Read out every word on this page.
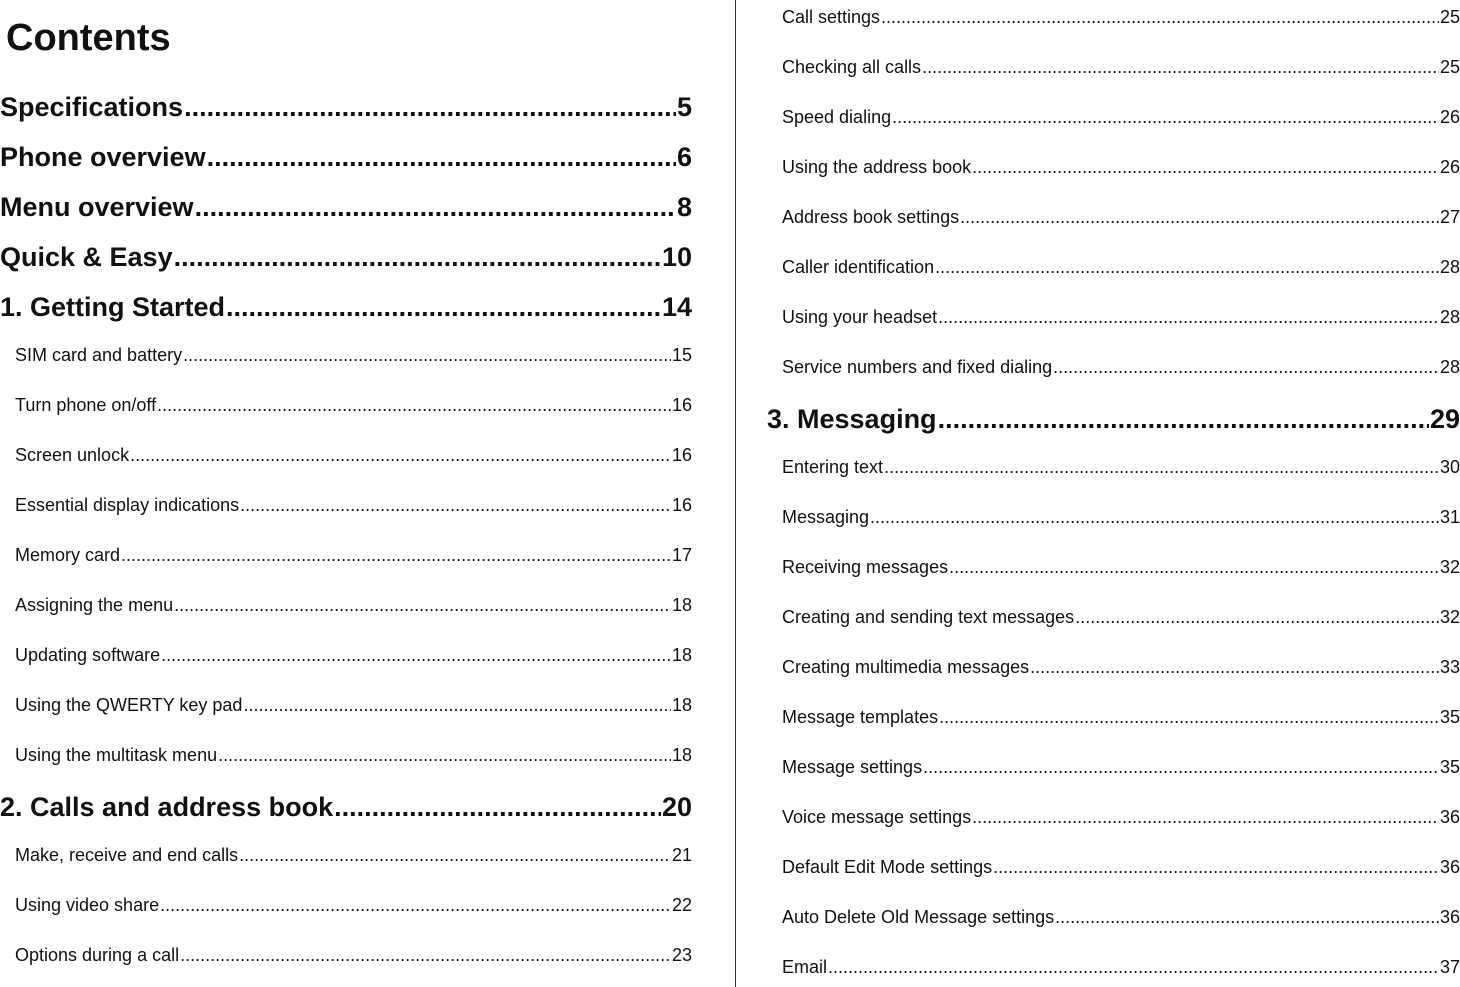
Contents
Specifications .....	5
Phone overview .....	6
Menu overview .....	8
Quick & Easy .....	10
1. Getting Started .....	14
SIM card and battery .....	15
Turn phone on/off .....	16
Screen unlock .....	16
Essential display indications .....	16
Memory card .....	17
Assigning the menu .....	18
Updating software .....	18
Using the QWERTY key pad .....	18
Using the multitask menu .....	18
2. Calls and address book .....	20
Make, receive and end calls .....	21
Using video share .....	22
Options during a call .....	23
Call settings .....	25
Checking all calls .....	25
Speed dialing .....	26
Using the address book .....	26
Address book settings .....	27
Caller identification .....	28
Using your headset .....	28
Service numbers and fixed dialing .....	28
3. Messaging .....	29
Entering text .....	30
Messaging .....	31
Receiving messages .....	32
Creating and sending text messages .....	32
Creating multimedia messages .....	33
Message templates .....	35
Message settings .....	35
Voice message settings .....	36
Default Edit Mode settings .....	36
Auto Delete Old Message settings .....	36
Email .....	37
